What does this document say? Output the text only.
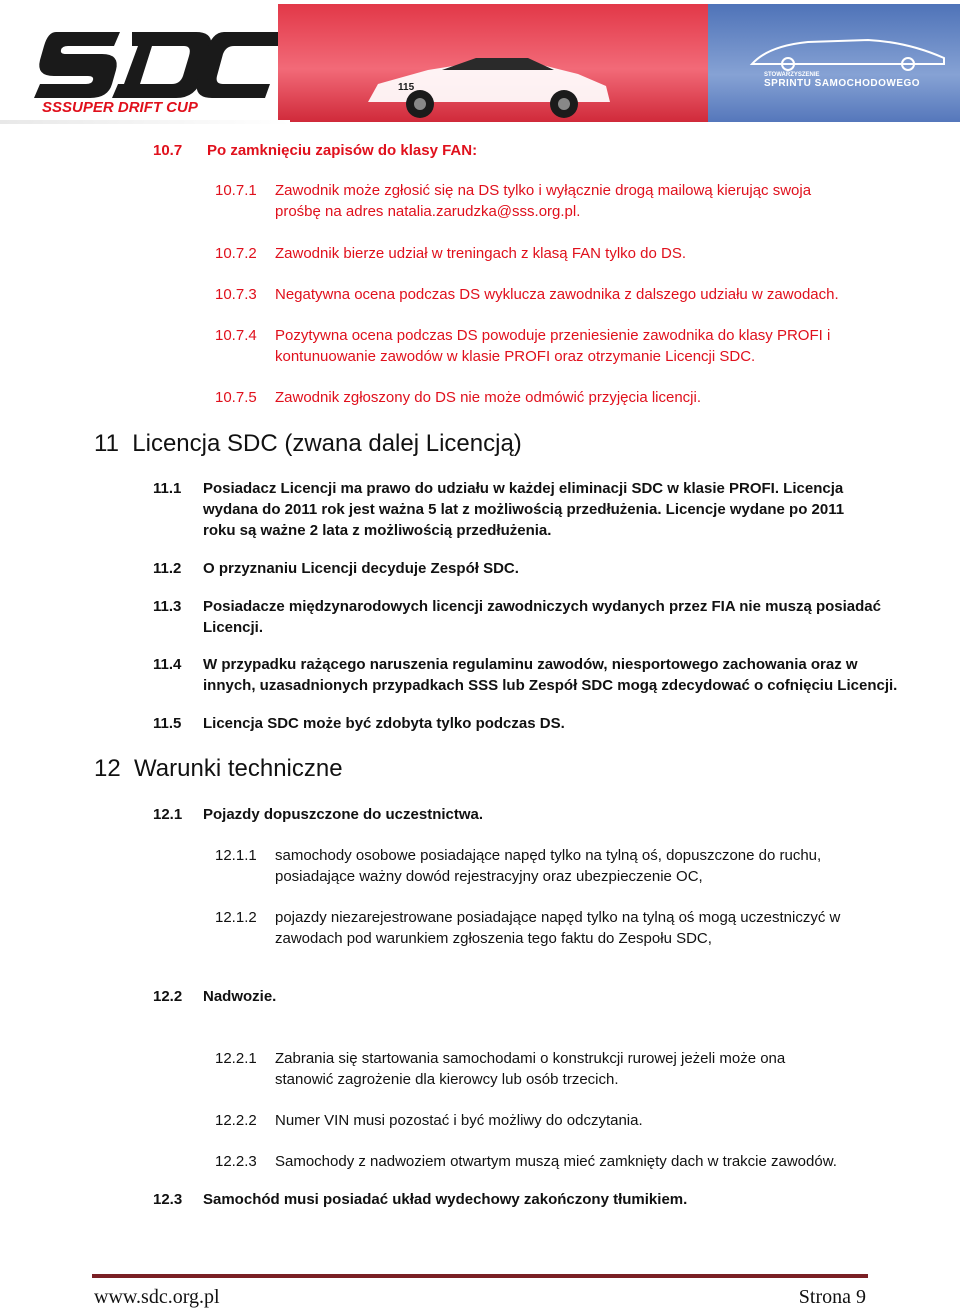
SSSUPER DRIFT CUP
115
STOWARZYSZENIE
SPRINTU SAMOCHODOWEGO
10.7 Po zamknięciu zapisów do klasy FAN:
10.7.1 Zawodnik może zgłosić się na DS tylko i wyłącznie drogą mailową kierując swoja
prośbę na adres natalia.zarudzka@sss.org.pl.
10.7.2 Zawodnik bierze udział w treningach z klasą FAN tylko do DS.
10.7.3 Negatywna ocena podczas DS wyklucza zawodnika z dalszego udziału w zawodach.
10.7.4 Pozytywna ocena podczas DS powoduje przeniesienie zawodnika do klasy PROFI i
kontunuowanie zawodów w klasie PROFI oraz otrzymanie Licencji SDC.
10.7.5 Zawodnik zgłoszony do DS nie może odmówić przyjęcia licencji.
11 Licencja SDC (zwana dalej Licencją)
11.1 Posiadacz Licencji ma prawo do udziału w każdej eliminacji SDC w klasie PROFI. Licencja
wydana do 2011 rok jest ważna 5 lat z możliwością przedłużenia. Licencje wydane po 2011
roku są ważne 2 lata z możliwością przedłużenia.
11.2 O przyznaniu Licencji decyduje Zespół SDC.
11.3 Posiadacze międzynarodowych licencji zawodniczych wydanych przez FIA nie muszą posiadać
Licencji.
11.4 W przypadku rażącego naruszenia regulaminu zawodów, niesportowego zachowania oraz w
innych, uzasadnionych przypadkach SSS lub Zespół SDC mogą zdecydować o cofnięciu Licencji.
11.5 Licencja SDC może być zdobyta tylko podczas DS.
12 Warunki techniczne
12.1 Pojazdy dopuszczone do uczestnictwa.
12.1.1 samochody osobowe posiadające napęd tylko na tylną oś, dopuszczone do ruchu,
posiadające ważny dowód rejestracyjny oraz ubezpieczenie OC,
12.1.2 pojazdy niezarejestrowane posiadające napęd tylko na tylną oś mogą uczestniczyć w
zawodach pod warunkiem zgłoszenia tego faktu do Zespołu SDC,
12.2 Nadwozie.
12.2.1 Zabrania się startowania samochodami o konstrukcji rurowej jeżeli może ona
stanowić zagrożenie dla kierowcy lub osób trzecich.
12.2.2 Numer VIN musi pozostać i być możliwy do odczytania.
12.2.3 Samochody z nadwoziem otwartym muszą mieć zamknięty dach w trakcie zawodów.
12.3 Samochód musi posiadać układ wydechowy zakończony tłumikiem.
www.sdc.org.pl	Strona 9
